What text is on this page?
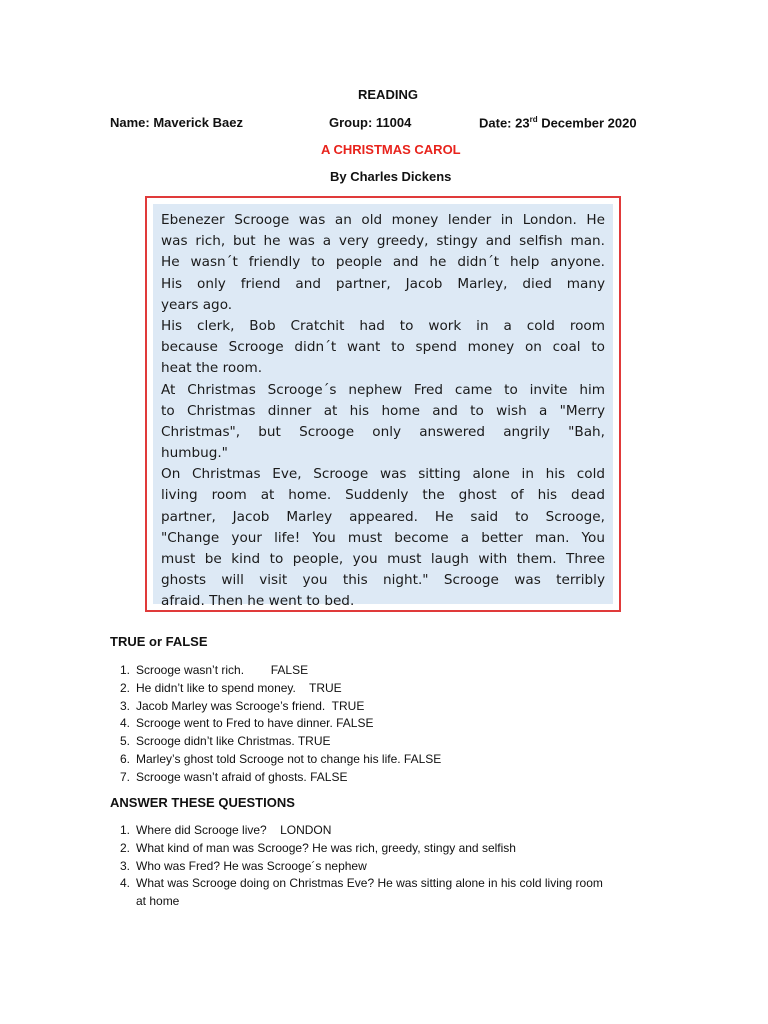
READING
Name: Maverick Baez	Group: 11004	Date: 23rd December 2020
A CHRISTMAS CAROL
By Charles Dickens
Ebenezer Scrooge was an old money lender in London. He
was rich, but he was a very greedy, stingy and selfish man.
He wasn´t friendly to people and he didn´t help anyone.
His only friend and partner, Jacob Marley, died many
years ago.
His clerk, Bob Cratchit had to work in a cold room
because Scrooge didn´t want to spend money on coal to
heat the room.
At Christmas Scrooge´s nephew Fred came to invite him
to Christmas dinner at his home and to wish a "Merry
Christmas", but Scrooge only answered angrily "Bah,
humbug."
On Christmas Eve, Scrooge was sitting alone in his cold
living room at home. Suddenly the ghost of his dead
partner, Jacob Marley appeared. He said to Scrooge,
"Change your life! You must become a better man. You
must be kind to people, you must laugh with them. Three
ghosts will visit you this night." Scrooge was terribly
afraid. Then he went to bed.
TRUE or FALSE
1. Scrooge wasn’t rich.        FALSE
2. He didn’t like to spend money.    TRUE
3. Jacob Marley was Scrooge’s friend.  TRUE
4. Scrooge went to Fred to have dinner. FALSE
5. Scrooge didn’t like Christmas. TRUE
6. Marley’s ghost told Scrooge not to change his life. FALSE
7. Scrooge wasn’t afraid of ghosts. FALSE
ANSWER THESE QUESTIONS
1. Where did Scrooge live?    LONDON
2. What kind of man was Scrooge? He was rich, greedy, stingy and selfish
3. Who was Fred? He was Scrooge´s nephew
4. What was Scrooge doing on Christmas Eve? He was sitting alone in his cold living room
at home
